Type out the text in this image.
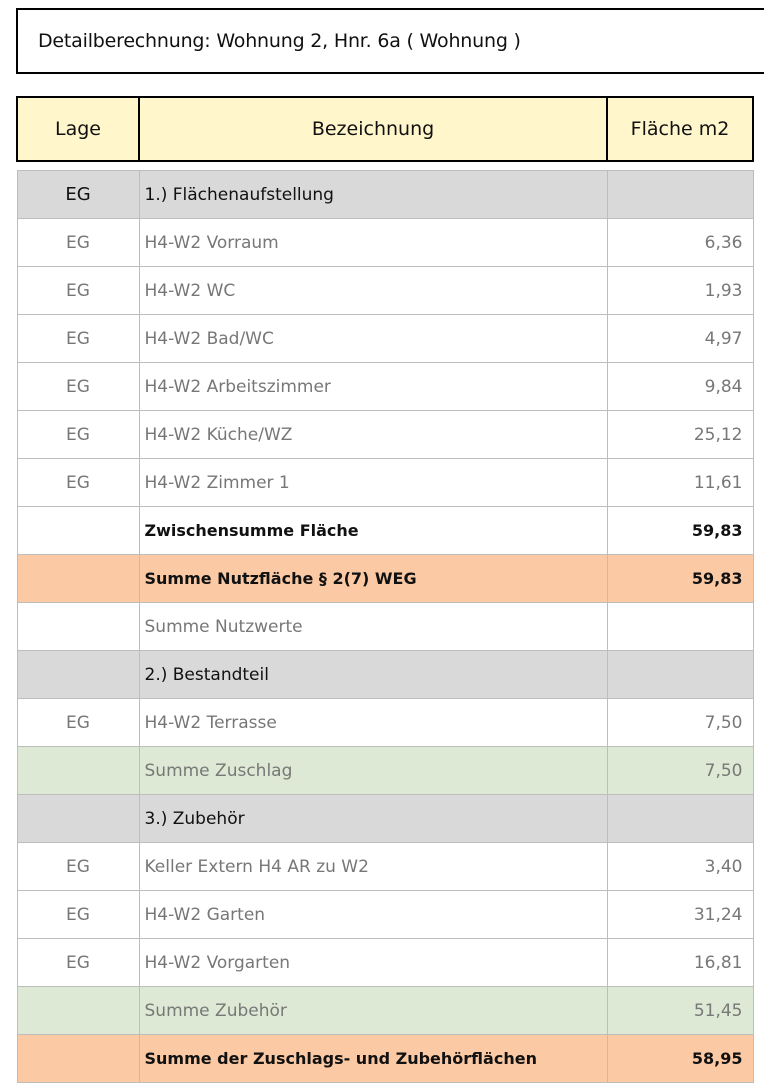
Detailberechnung: Wohnung 2, Hnr. 6a ( Wohnung )
Lage	Bezeichnung	Fläche m2

EG	1.) Flächenaufstellung	
EG	H4-W2 Vorraum	6,36
EG	H4-W2 WC	1,93
EG	H4-W2 Bad/WC	4,97
EG	H4-W2 Arbeitszimmer	9,84
EG	H4-W2 Küche/WZ	25,12
EG	H4-W2 Zimmer 1	11,61
	Zwischensumme Fläche	59,83
	Summe Nutzfläche § 2(7) WEG	59,83
	Summe Nutzwerte	
	2.) Bestandteil	
EG	H4-W2 Terrasse	7,50
	Summe Zuschlag	7,50
	3.) Zubehör	
EG	Keller Extern H4 AR zu W2	3,40
EG	H4-W2 Garten	31,24
EG	H4-W2 Vorgarten	16,81
	Summe Zubehör	51,45
	Summe der Zuschlags- und Zubehörflächen	58,95
